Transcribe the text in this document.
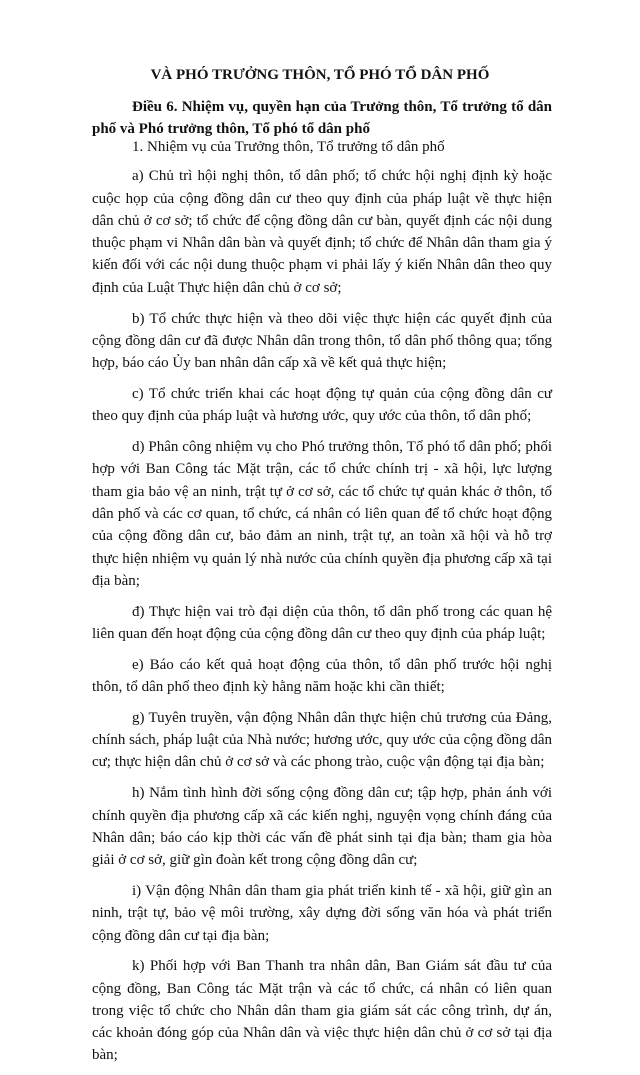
VÀ PHÓ TRƯỞNG THÔN, TỔ PHÓ TỔ DÂN PHỐ
Điều 6. Nhiệm vụ, quyền hạn của Trưởng thôn, Tổ trưởng tổ dân phố và Phó trưởng thôn, Tổ phó tổ dân phố

1. Nhiệm vụ của Trưởng thôn, Tổ trưởng tổ dân phố

a) Chủ trì hội nghị thôn, tổ dân phố; tổ chức hội nghị định kỳ hoặc cuộc họp của cộng đồng dân cư theo quy định của pháp luật về thực hiện dân chủ ở cơ sở; tổ chức để cộng đồng dân cư bàn, quyết định các nội dung thuộc phạm vi Nhân dân bàn và quyết định; tổ chức để Nhân dân tham gia ý kiến đối với các nội dung thuộc phạm vi phải lấy ý kiến Nhân dân theo quy định của Luật Thực hiện dân chủ ở cơ sở;

b) Tổ chức thực hiện và theo dõi việc thực hiện các quyết định của cộng đồng dân cư đã được Nhân dân trong thôn, tổ dân phố thông qua; tổng hợp, báo cáo Ủy ban nhân dân cấp xã về kết quả thực hiện;

c) Tổ chức triển khai các hoạt động tự quản của cộng đồng dân cư theo quy định của pháp luật và hương ước, quy ước của thôn, tổ dân phố;

d) Phân công nhiệm vụ cho Phó trưởng thôn, Tổ phó tổ dân phố; phối hợp với Ban Công tác Mặt trận, các tổ chức chính trị - xã hội, lực lượng tham gia bảo vệ an ninh, trật tự ở cơ sở, các tổ chức tự quản khác ở thôn, tổ dân phố và các cơ quan, tổ chức, cá nhân có liên quan để tổ chức hoạt động của cộng đồng dân cư, bảo đảm an ninh, trật tự, an toàn xã hội và hỗ trợ thực hiện nhiệm vụ quản lý nhà nước của chính quyền địa phương cấp xã tại địa bàn;

đ) Thực hiện vai trò đại diện của thôn, tổ dân phố trong các quan hệ liên quan đến hoạt động của cộng đồng dân cư theo quy định của pháp luật;

e) Báo cáo kết quả hoạt động của thôn, tổ dân phố trước hội nghị thôn, tổ dân phố theo định kỳ hằng năm hoặc khi cần thiết;

g) Tuyên truyền, vận động Nhân dân thực hiện chủ trương của Đảng, chính sách, pháp luật của Nhà nước; hương ước, quy ước của cộng đồng dân cư; thực hiện dân chủ ở cơ sở và các phong trào, cuộc vận động tại địa bàn;

h) Nắm tình hình đời sống cộng đồng dân cư; tập hợp, phản ánh với chính quyền địa phương cấp xã các kiến nghị, nguyện vọng chính đáng của Nhân dân; báo cáo kịp thời các vấn đề phát sinh tại địa bàn; tham gia hòa giải ở cơ sở, giữ gìn đoàn kết trong cộng đồng dân cư;

i) Vận động Nhân dân tham gia phát triển kinh tế - xã hội, giữ gìn an ninh, trật tự, bảo vệ môi trường, xây dựng đời sống văn hóa và phát triển cộng đồng dân cư tại địa bàn;

k) Phối hợp với Ban Thanh tra nhân dân, Ban Giám sát đầu tư của cộng đồng, Ban Công tác Mặt trận và các tổ chức, cá nhân có liên quan trong việc tổ chức cho Nhân dân tham gia giám sát các công trình, dự án, các khoản đóng góp của Nhân dân và việc thực hiện dân chủ ở cơ sở tại địa bàn;
